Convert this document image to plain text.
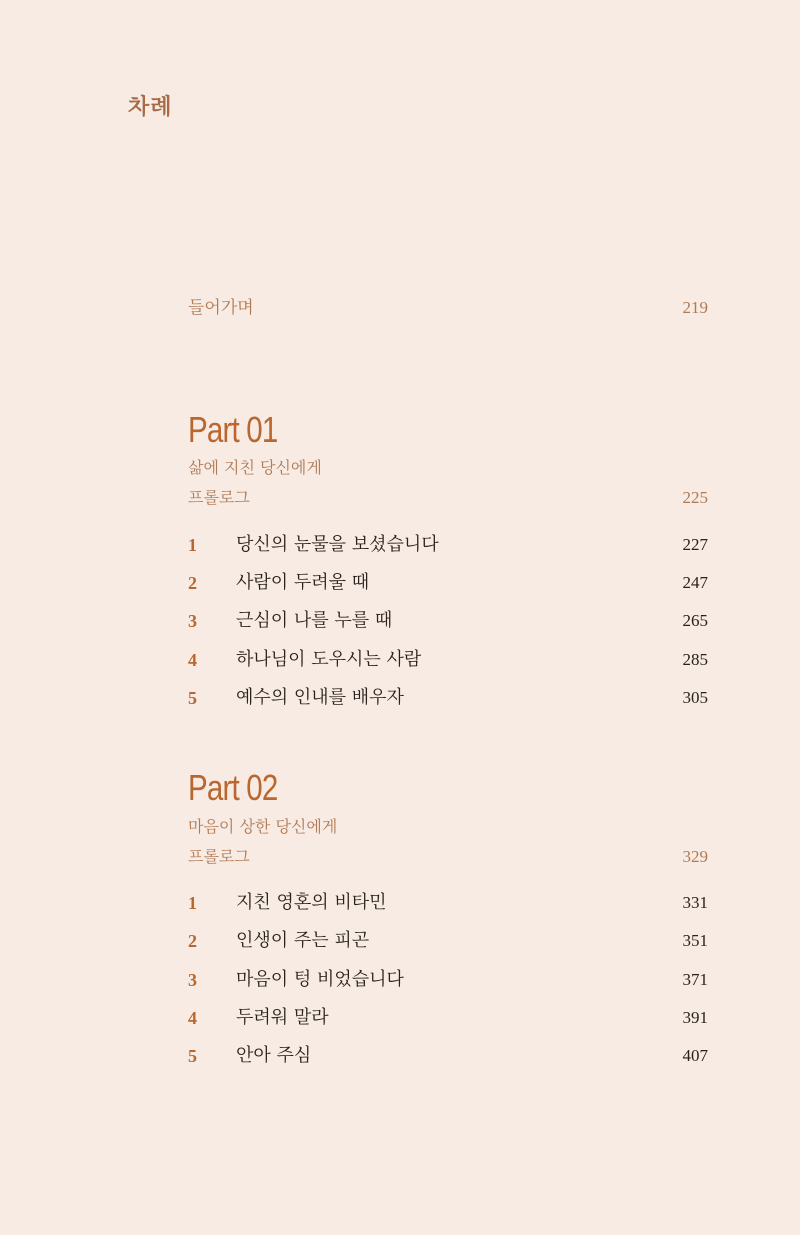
차례
들어가며	219
Part 01
삶에 지친 당신에게
프롤로그	225
1 당신의 눈물을 보셨습니다	227
2 사람이 두려울 때	247
3 근심이 나를 누를 때	265
4 하나님이 도우시는 사람	285
5 예수의 인내를 배우자	305
Part 02
마음이 상한 당신에게
프롤로그	329
1 지친 영혼의 비타민	331
2 인생이 주는 피곤	351
3 마음이 텅 비었습니다	371
4 두려워 말라	391
5 안아 주심	407
